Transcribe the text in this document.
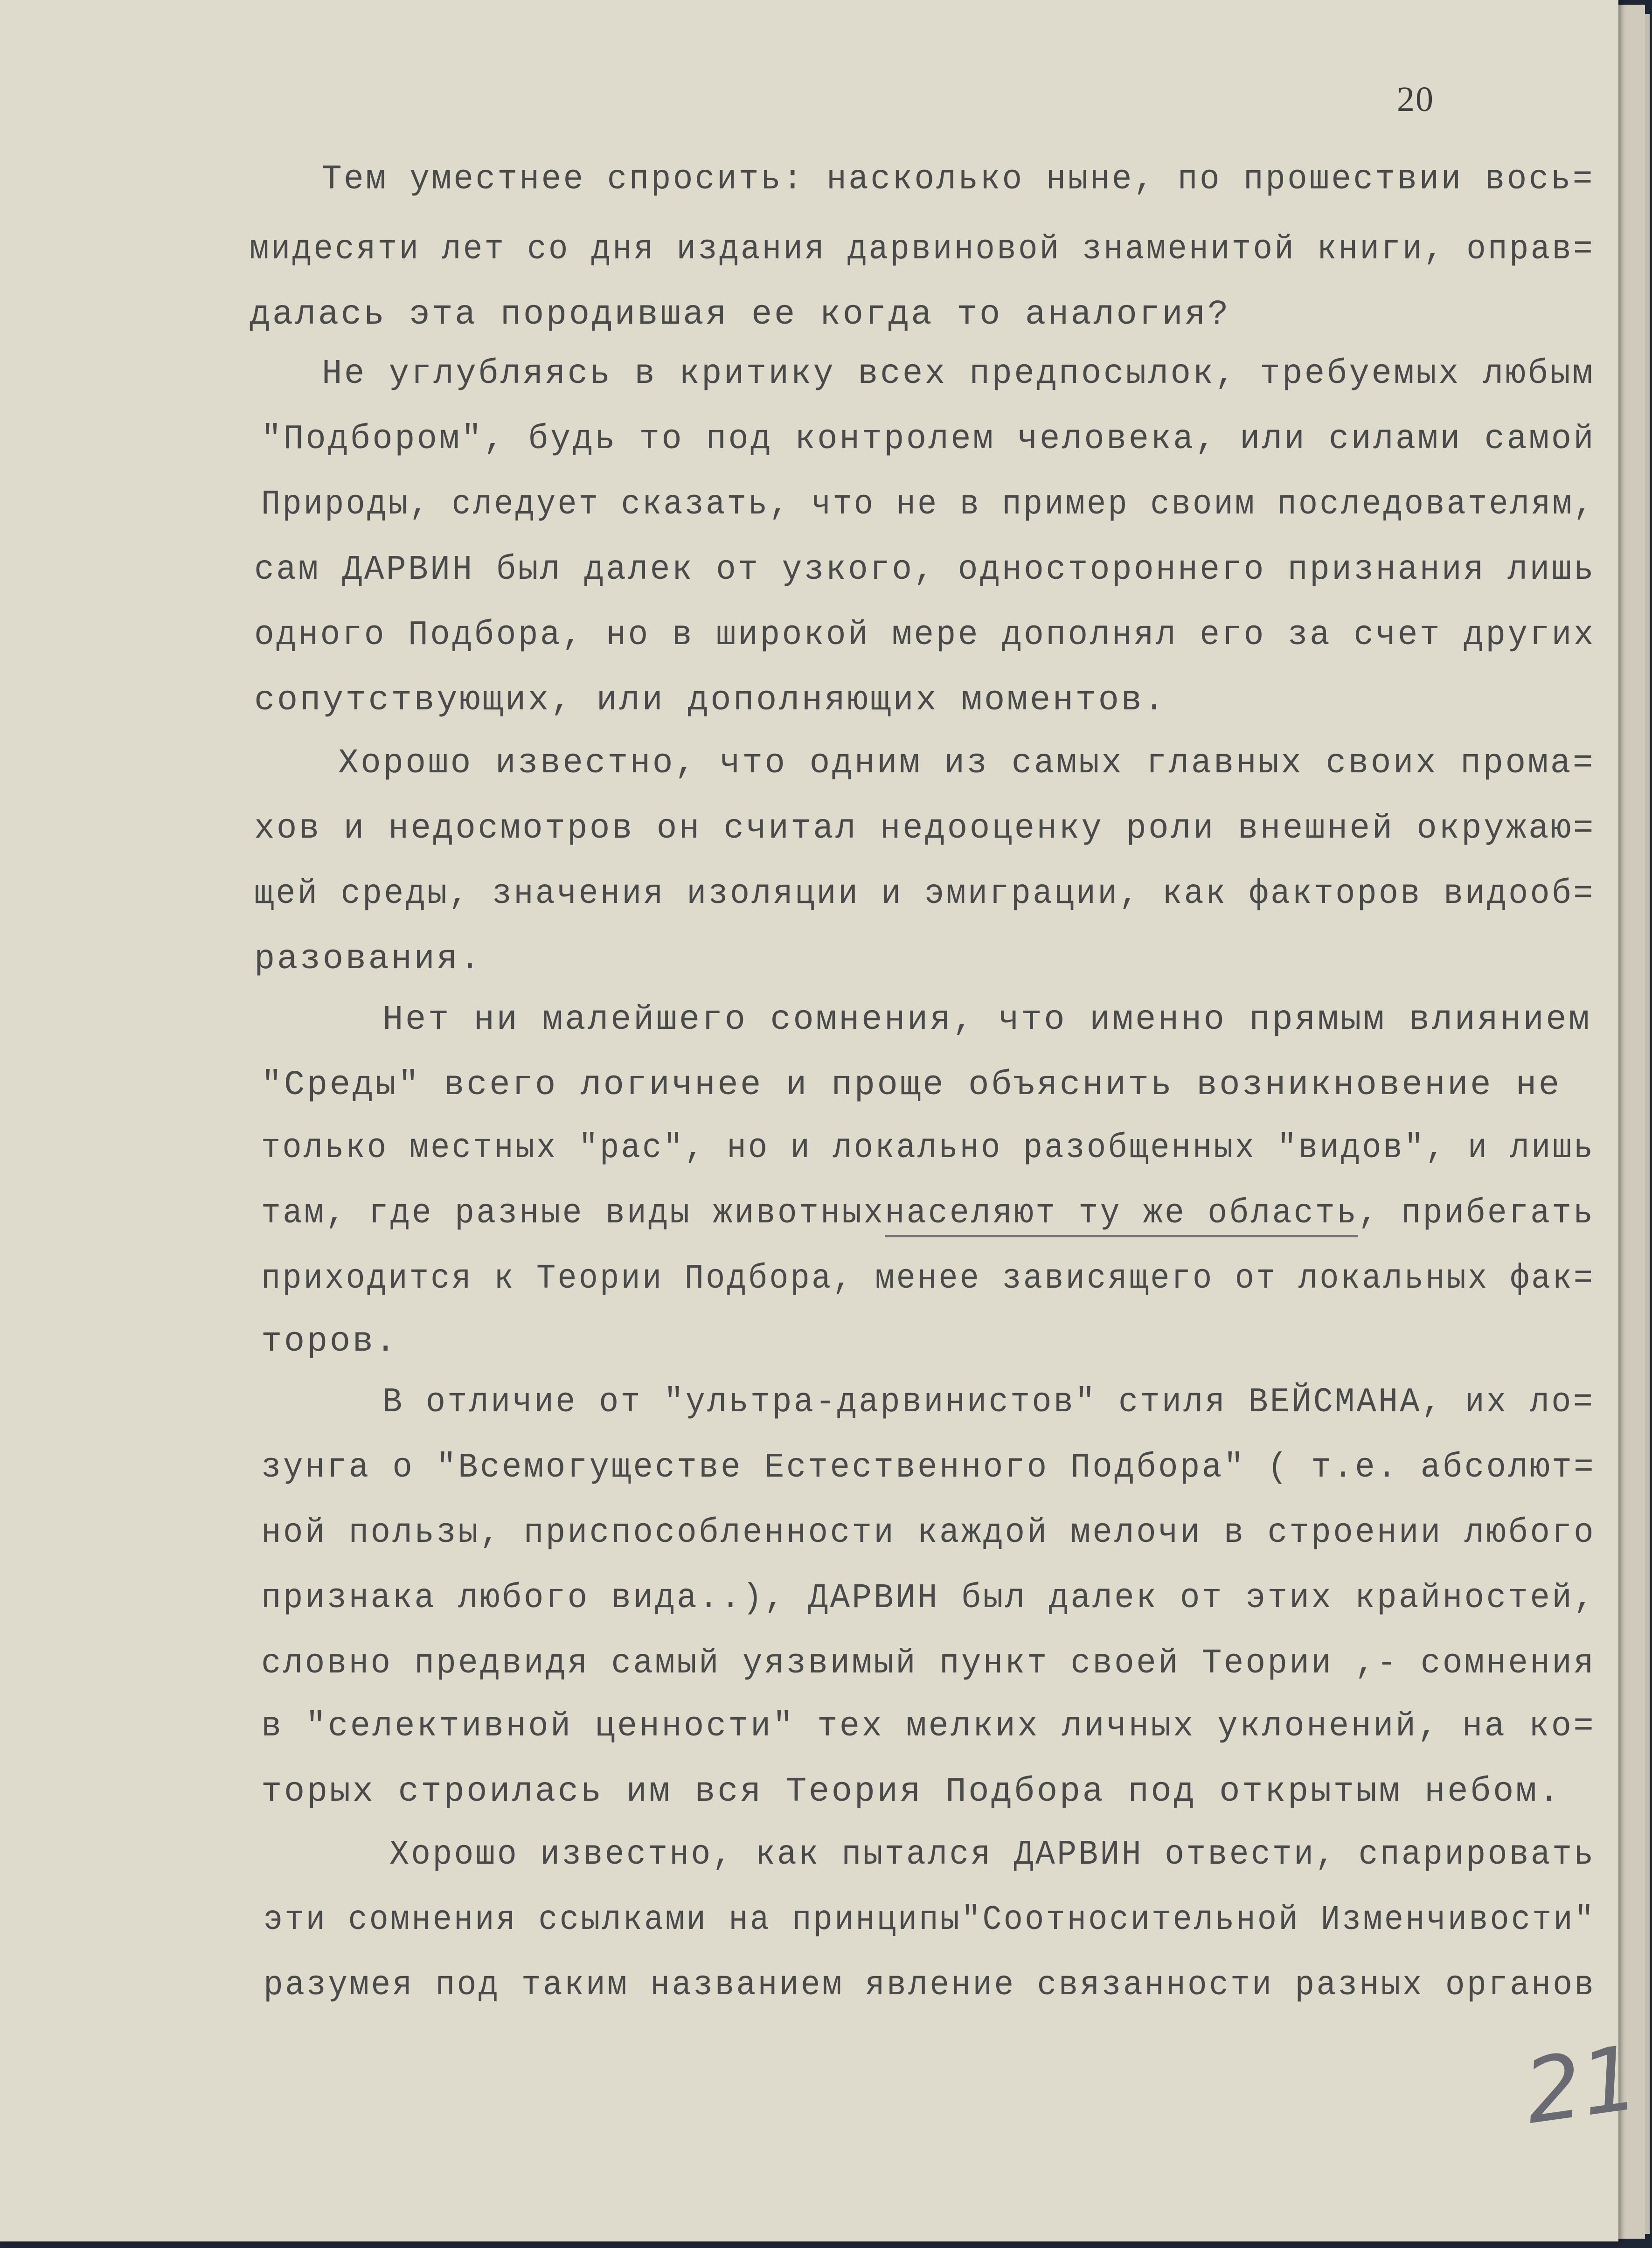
20
Тем уместнее спросить: насколько ныне, по прошествии вось=
мидесяти лет со дня издания дарвиновой знаменитой книги, оправ=
далась эта породившая ее когда то аналогия?
Не углубляясь в критику всех предпосылок, требуемых любым
"Подбором", будь то под контролем человека, или силами самой
Природы, следует сказать, что не в пример своим последователям,
сам ДАРВИН был далек от узкого, одностороннего признания лишь
одного Подбора, но в широкой мере дополнял его за счет других
сопутствующих, или дополняющих моментов.
Хорошо известно, что одним из самых главных своих прома=
хов и недосмотров он считал недооценку роли внешней окружаю=
щей среды, значения изоляции и эмиграции, как факторов видооб=
разования.
Нет ни малейшего сомнения, что именно прямым влиянием
"Среды" всего логичнее и проще объяснить возникновение не
только местных "рас", но и локально разобщенных "видов", и лишь
там, где разные виды животныхнаселяют ту же область, прибегать
приходится к Теории Подбора, менее зависящего от локальных фак=
торов.
В отличие от "ультра-дарвинистов" стиля ВЕЙСМАНА, их ло=
зунга о "Всемогуществе Естественного Подбора" ( т.е. абсолют=
ной пользы, приспособленности каждой мелочи в строении любого
признака любого вида..), ДАРВИН был далек от этих крайностей,
словно предвидя самый уязвимый пункт своей Теории ,- сомнения
в "селективной ценности" тех мелких личных уклонений, на ко=
торых строилась им вся Теория Подбора под открытым небом.
Хорошо известно, как пытался ДАРВИН отвести, спарировать
эти сомнения ссылками на принципы"Соотносительной Изменчивости"
разумея под таким названием явление связанности разных органов
21
